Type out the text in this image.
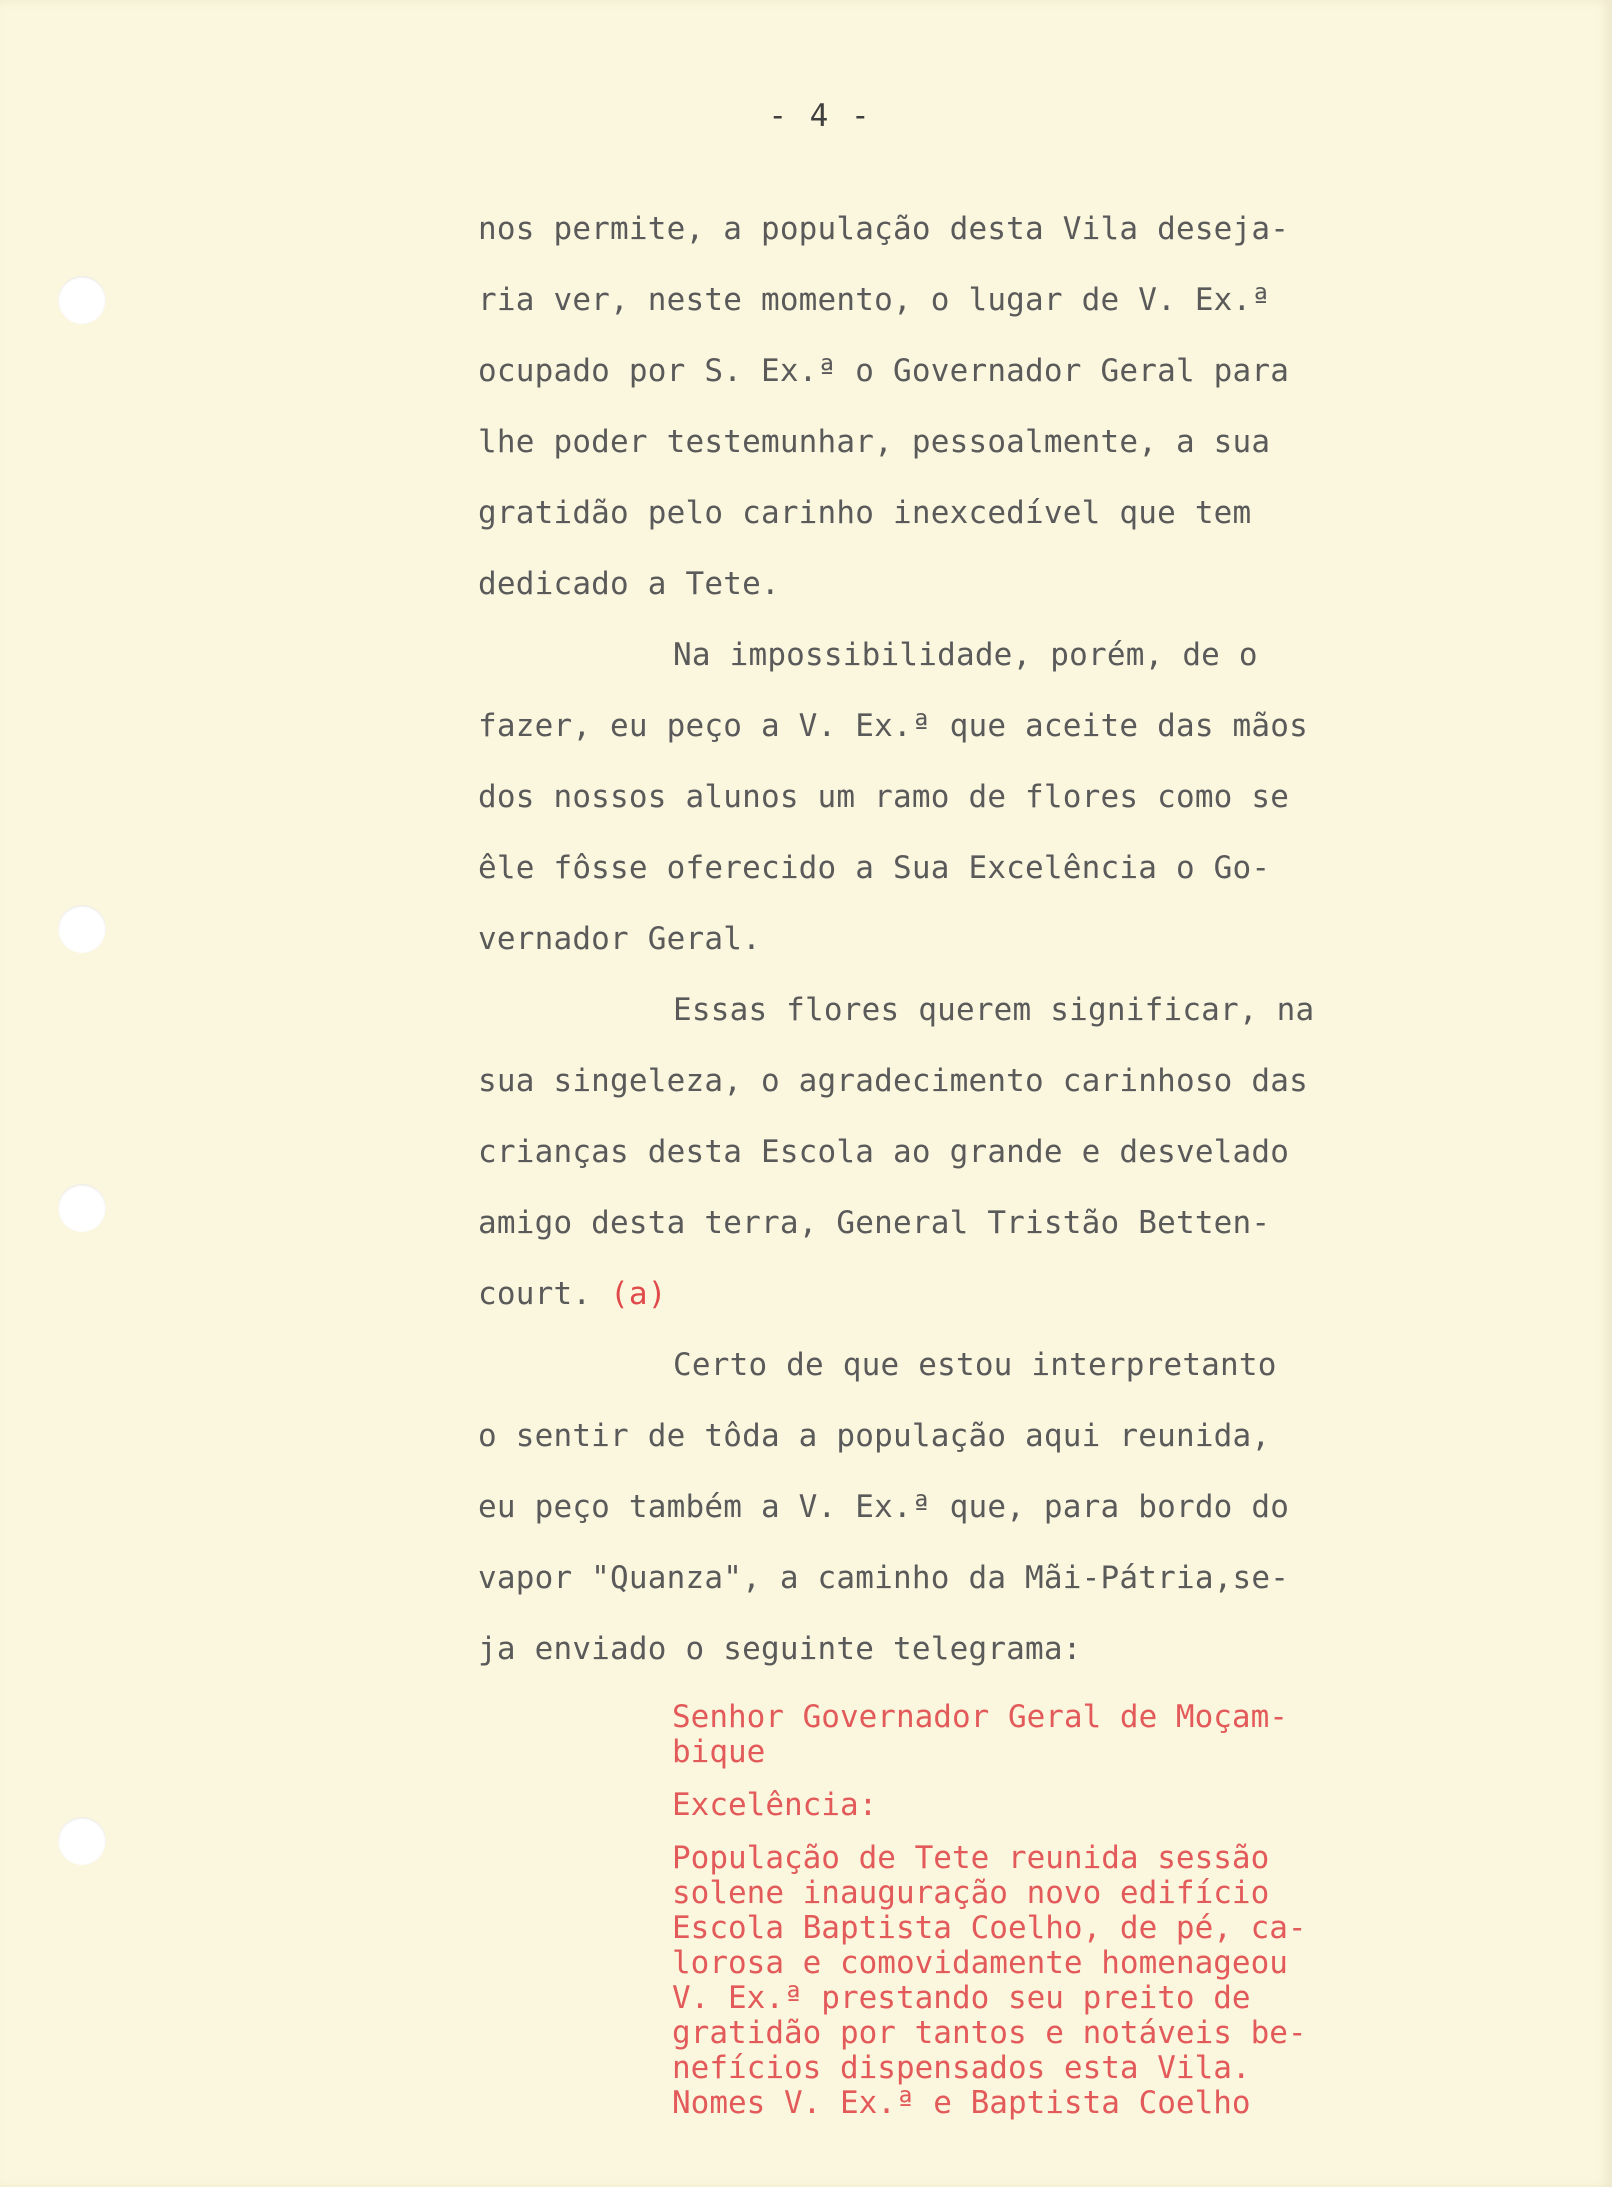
- 4 -
nos permite, a população desta Vila deseja-
ria ver, neste momento, o lugar de V. Ex.ª
ocupado por S. Ex.ª o Governador Geral para
lhe poder testemunhar, pessoalmente, a sua
gratidão pelo carinho inexcedível que tem
dedicado a Tete.
Na impossibilidade, porém, de o
fazer, eu peço a V. Ex.ª que aceite das mãos
dos nossos alunos um ramo de flores como se
êle fôsse oferecido a Sua Excelência o Go-
vernador Geral.
Essas flores querem significar, na
sua singeleza, o agradecimento carinhoso das
crianças desta Escola ao grande e desvelado
amigo desta terra, General Tristão Betten-
court. (a)
Certo de que estou interpretanto
o sentir de tôda a população aqui reunida,
eu peço também a V. Ex.ª que, para bordo do
vapor "Quanza", a caminho da Mãi-Pátria,se-
ja enviado o seguinte telegrama:
Senhor Governador Geral de Moçam-
bique
Excelência:
População de Tete reunida sessão
solene inauguração novo edifício
Escola Baptista Coelho, de pé, ca-
lorosa e comovidamente homenageou
V. Ex.ª prestando seu preito de
gratidão por tantos e notáveis be-
nefícios dispensados esta Vila.
Nomes V. Ex.ª e Baptista Coelho
